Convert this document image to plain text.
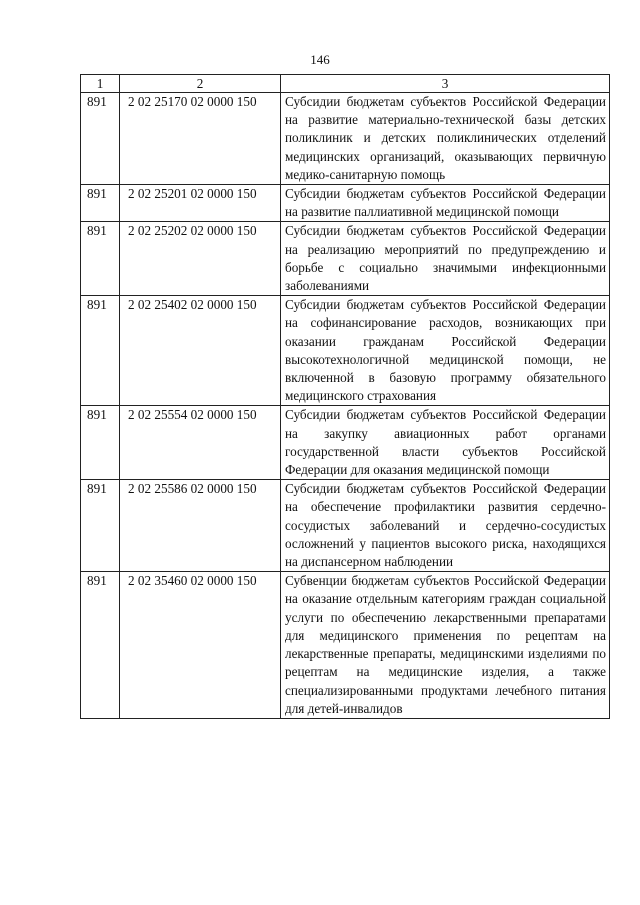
146
1	2	3
891	2 02 25170 02 0000 150	Субсидии бюджетам субъектов Российской Федерации на развитие материально-технической базы детских поликлиник и детских поликлинических отделений медицинских организаций, оказывающих первичную медико-санитарную помощь
891	2 02 25201 02 0000 150	Субсидии бюджетам субъектов Российской Федерации на развитие паллиативной медицинской помощи
891	2 02 25202 02 0000 150	Субсидии бюджетам субъектов Российской Федерации на реализацию мероприятий по предупреждению и борьбе с социально значимыми инфекционными заболеваниями
891	2 02 25402 02 0000 150	Субсидии бюджетам субъектов Российской Федерации на софинансирование расходов, возникающих при оказании гражданам Российской Федерации высокотехнологичной медицинской помощи, не включенной в базовую программу обязательного медицинского страхования
891	2 02 25554 02 0000 150	Субсидии бюджетам субъектов Российской Федерации на закупку авиационных работ органами государственной власти субъектов Российской Федерации для оказания медицинской помощи
891	2 02 25586 02 0000 150	Субсидии бюджетам субъектов Российской Федерации на обеспечение профилактики развития сердечно-сосудистых заболеваний и сердечно-сосудистых осложнений у пациентов высокого риска, находящихся на диспансерном наблюдении
891	2 02 35460 02 0000 150	Субвенции бюджетам субъектов Российской Федерации на оказание отдельным категориям граждан социальной услуги по обеспечению лекарственными препаратами для медицинского применения по рецептам на лекарственные препараты, медицинскими изделиями по рецептам на медицинские изделия, а также специализированными продуктами лечебного питания для детей-инвалидов
